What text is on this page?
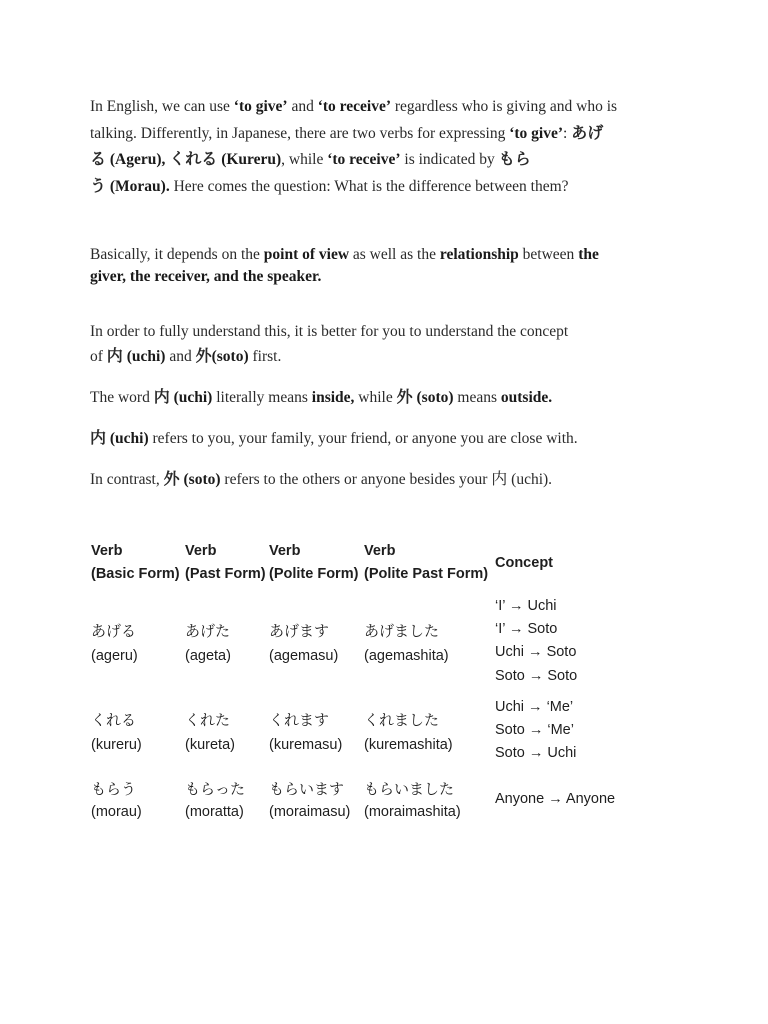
In English, we can use ‘to give’ and ‘to receive’ regardless who is giving and who is
talking. Differently, in Japanese, there are two verbs for expressing ‘to give’: あげ
る (Ageru), くれる (Kureru), while ‘to receive’ is indicated by もら
う (Morau). Here comes the question: What is the difference between them?
Basically, it depends on the point of view as well as the relationship between the
giver, the receiver, and the speaker.
In order to fully understand this, it is better for you to understand the concept
of 内 (uchi) and 外(soto) first.
The word 内 (uchi) literally means inside, while 外 (soto) means outside.
内 (uchi) refers to you, your family, your friend, or anyone you are close with.
In contrast, 外 (soto) refers to the others or anyone besides your 内 (uchi).
Verb
(Basic Form)
Verb
(Past Form)
Verb
(Polite Form)
Verb
(Polite Past Form)
Concept
あげる
(ageru)
あげた
(ageta)
あげます
(agemasu)
あげました
(agemashita)
‘I’ → Uchi
‘I’ → Soto
Uchi → Soto
Soto → Soto
くれる
(kureru)
くれた
(kureta)
くれます
(kuremasu)
くれました
(kuremashita)
Uchi → ‘Me’
Soto → ‘Me’
Soto → Uchi
もらう
(morau)
もらった
(moratta)
もらいます
(moraimasu)
もらいました
(moraimashita)
Anyone → Anyone
